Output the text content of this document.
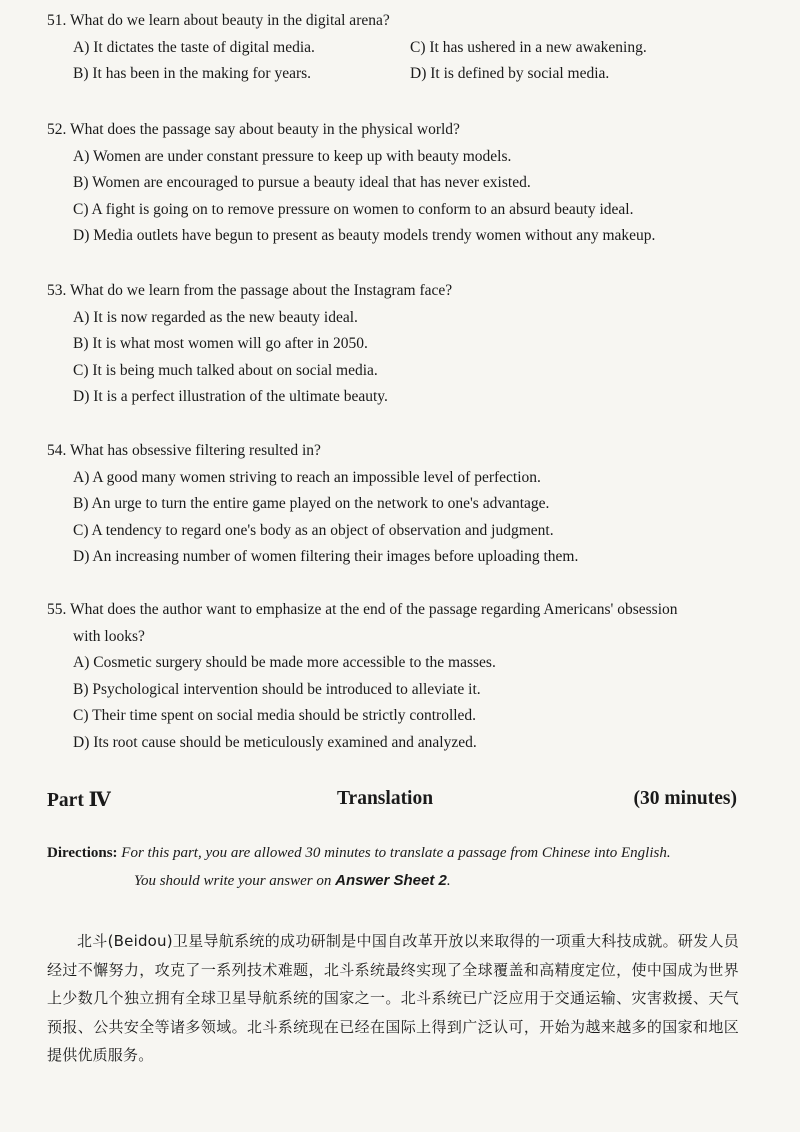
51. What do we learn about beauty in the digital arena?

A) It dictates the taste of digital media.	C) It has ushered in a new awakening.
B) It has been in the making for years.	D) It is defined by social media.

52. What does the passage say about beauty in the physical world?

A) Women are under constant pressure to keep up with beauty models.

B) Women are encouraged to pursue a beauty ideal that has never existed.

C) A fight is going on to remove pressure on women to conform to an absurd beauty ideal.

D) Media outlets have begun to present as beauty models trendy women without any makeup.

53. What do we learn from the passage about the Instagram face?

A) It is now regarded as the new beauty ideal.

B) It is what most women will go after in 2050.

C) It is being much talked about on social media.

D) It is a perfect illustration of the ultimate beauty.

54. What has obsessive filtering resulted in?

A) A good many women striving to reach an impossible level of perfection.

B) An urge to turn the entire game played on the network to one's advantage.

C) A tendency to regard one's body as an object of observation and judgment.

D) An increasing number of women filtering their images before uploading them.

55. What does the author want to emphasize at the end of the passage regarding Americans' obsession

with looks?

A) Cosmetic surgery should be made more accessible to the masses.

B) Psychological intervention should be introduced to alleviate it.

C) Their time spent on social media should be strictly controlled.

D) Its root cause should be meticulously examined and analyzed.

Part Ⅳ	Translation	(30 minutes)
Directions: For this part, you are allowed 30 minutes to translate a passage from Chinese into English.
You should write your answer on Answer Sheet 2.

北斗(Beidou)卫星导航系统的成功研制是中国自改革开放以来取得的一项重大科技成就。研发人员经过不懈努力，攻克了一系列技术难题，北斗系统最终实现了全球覆盖和高精度定位，使中国成为世界上少数几个独立拥有全球卫星导航系统的国家之一。北斗系统已广泛应用于交通运输、灾害救援、天气预报、公共安全等诸多领域。北斗系统现在已经在国际上得到广泛认可，开始为越来越多的国家和地区提供优质服务。
